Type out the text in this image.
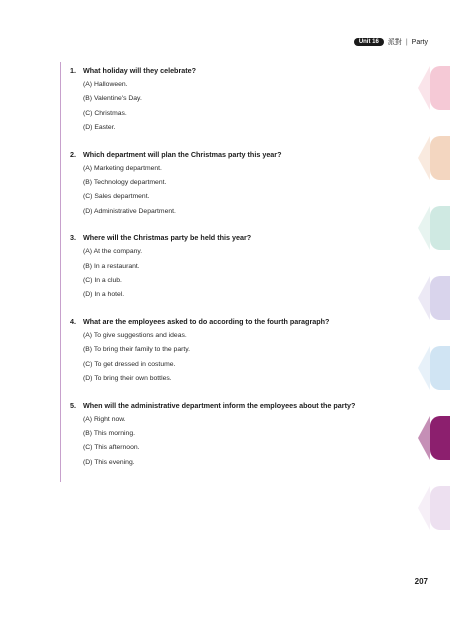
Unit 16	派對 | Party
1. What holiday will they celebrate?
(A) Halloween.
(B) Valentine's Day.
(C) Christmas.
(D) Easter.
2. Which department will plan the Christmas party this year?
(A) Marketing department.
(B) Technology department.
(C) Sales department.
(D) Administrative Department.
3. Where will the Christmas party be held this year?
(A) At the company.
(B) In a restaurant.
(C) In a club.
(D) In a hotel.
4. What are the employees asked to do according to the fourth paragraph?
(A) To give suggestions and ideas.
(B) To bring their family to the party.
(C) To get dressed in costume.
(D) To bring their own bottles.
5. When will the administrative department inform the employees about the party?
(A) Right now.
(B) This morning.
(C) This afternoon.
(D) This evening.
207
